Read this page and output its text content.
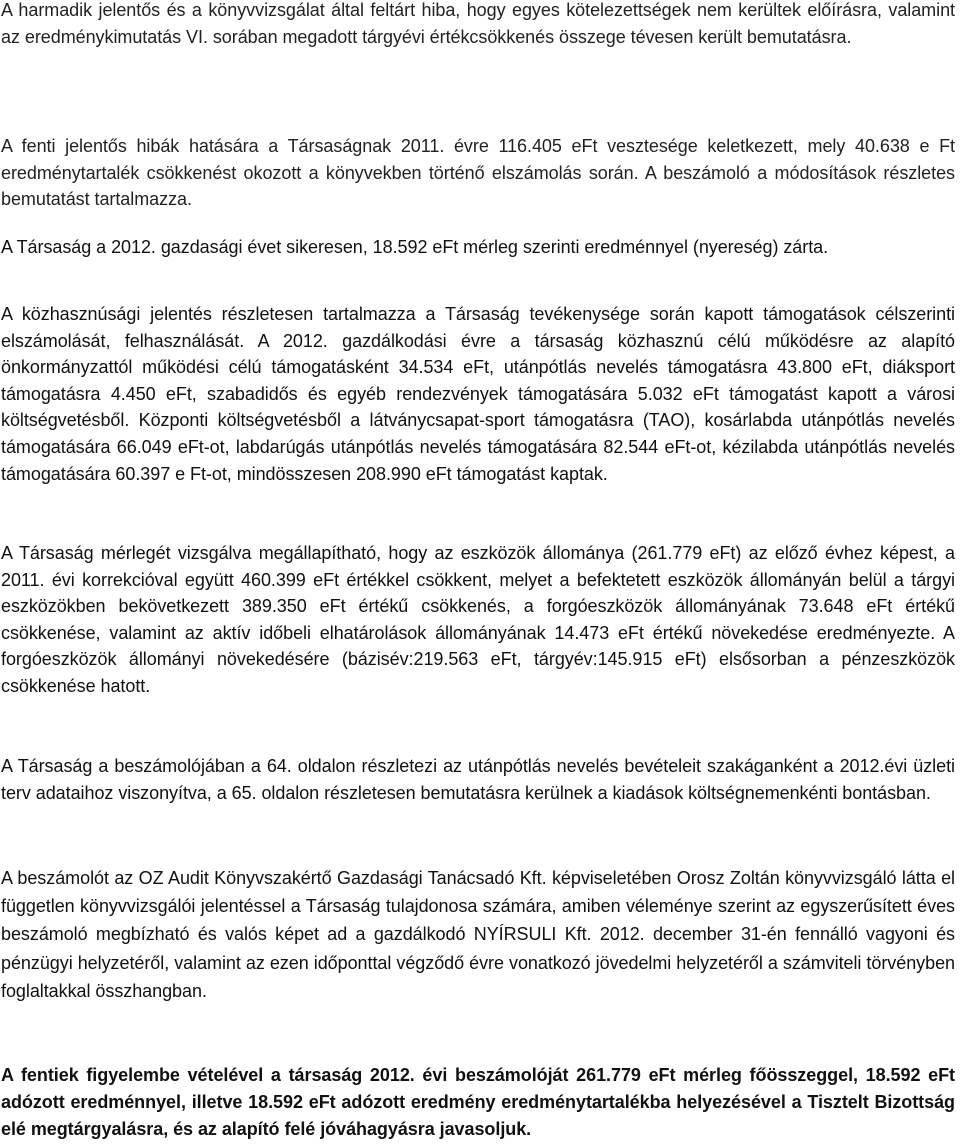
A harmadik jelentős és a könyvvizsgálat által feltárt hiba, hogy egyes kötelezettségek nem kerültek előírásra, valamint az eredménykimutatás VI. sorában megadott tárgyévi értékcsökkenés összege tévesen került bemutatásra.

A fenti jelentős hibák hatására a Társaságnak 2011. évre 116.405 eFt vesztesége keletkezett, mely 40.638 e Ft eredménytartalék csökkenést okozott a könyvekben történő elszámolás során. A beszámoló a módosítások részletes bemutatást tartalmazza.

A Társaság a 2012. gazdasági évet sikeresen, 18.592 eFt mérleg szerinti eredménnyel (nyereség) zárta.

A közhasznúsági jelentés részletesen tartalmazza a Társaság tevékenysége során kapott támogatások célszerinti elszámolását, felhasználását. A 2012. gazdálkodási évre a társaság közhasznú célú működésre az alapító önkormányzattól működési célú támogatásként 34.534 eFt, utánpótlás nevelés támogatásra 43.800 eFt, diáksport támogatásra 4.450 eFt, szabadidős és egyéb rendezvények támogatására 5.032 eFt támogatást kapott a városi költségvetésből. Központi költségvetésből a látványcsapat-sport támogatásra (TAO), kosárlabda utánpótlás nevelés támogatására 66.049 eFt-ot, labdarúgás utánpótlás nevelés támogatására 82.544 eFt-ot, kézilabda utánpótlás nevelés támogatására 60.397 e Ft-ot, mindösszesen 208.990 eFt támogatást kaptak.

A Társaság mérlegét vizsgálva megállapítható, hogy az eszközök állománya (261.779 eFt) az előző évhez képest, a 2011. évi korrekcióval együtt 460.399 eFt értékkel csökkent, melyet a befektetett eszközök állományán belül a tárgyi eszközökben bekövetkezett 389.350 eFt értékű csökkenés, a forgóeszközök állományának 73.648 eFt értékű csökkenése, valamint az aktív időbeli elhatárolások állományának 14.473 eFt értékű növekedése eredményezte. A forgóeszközök állományi növekedésére (bázisév:219.563 eFt, tárgyév:145.915 eFt) elsősorban a pénzeszközök csökkenése hatott.

A Társaság a beszámolójában a 64. oldalon részletezi az utánpótlás nevelés bevételeit szakáganként a 2012.évi üzleti terv adataihoz viszonyítva, a 65. oldalon részletesen bemutatásra kerülnek a kiadások költségnemenkénti bontásban.

A beszámolót az OZ Audit Könyvszakértő Gazdasági Tanácsadó Kft. képviseletében Orosz Zoltán könyvvizsgáló látta el független könyvvizsgálói jelentéssel a Társaság tulajdonosa számára, amiben véleménye szerint az egyszerűsített éves beszámoló megbízható és valós képet ad a gazdálkodó NYÍRSULI Kft. 2012. december 31-én fennálló vagyoni és pénzügyi helyzetéről, valamint az ezen időponttal végződő évre vonatkozó jövedelmi helyzetéről a számviteli törvényben foglaltakkal összhangban.

A fentiek figyelembe vételével a társaság 2012. évi beszámolóját 261.779 eFt mérleg főösszeggel, 18.592 eFt adózott eredménnyel, illetve 18.592 eFt adózott eredmény eredménytartalékba helyezésével a Tisztelt Bizottság elé megtárgyalásra, és az alapító felé jóváhagyásra javasoljuk.
